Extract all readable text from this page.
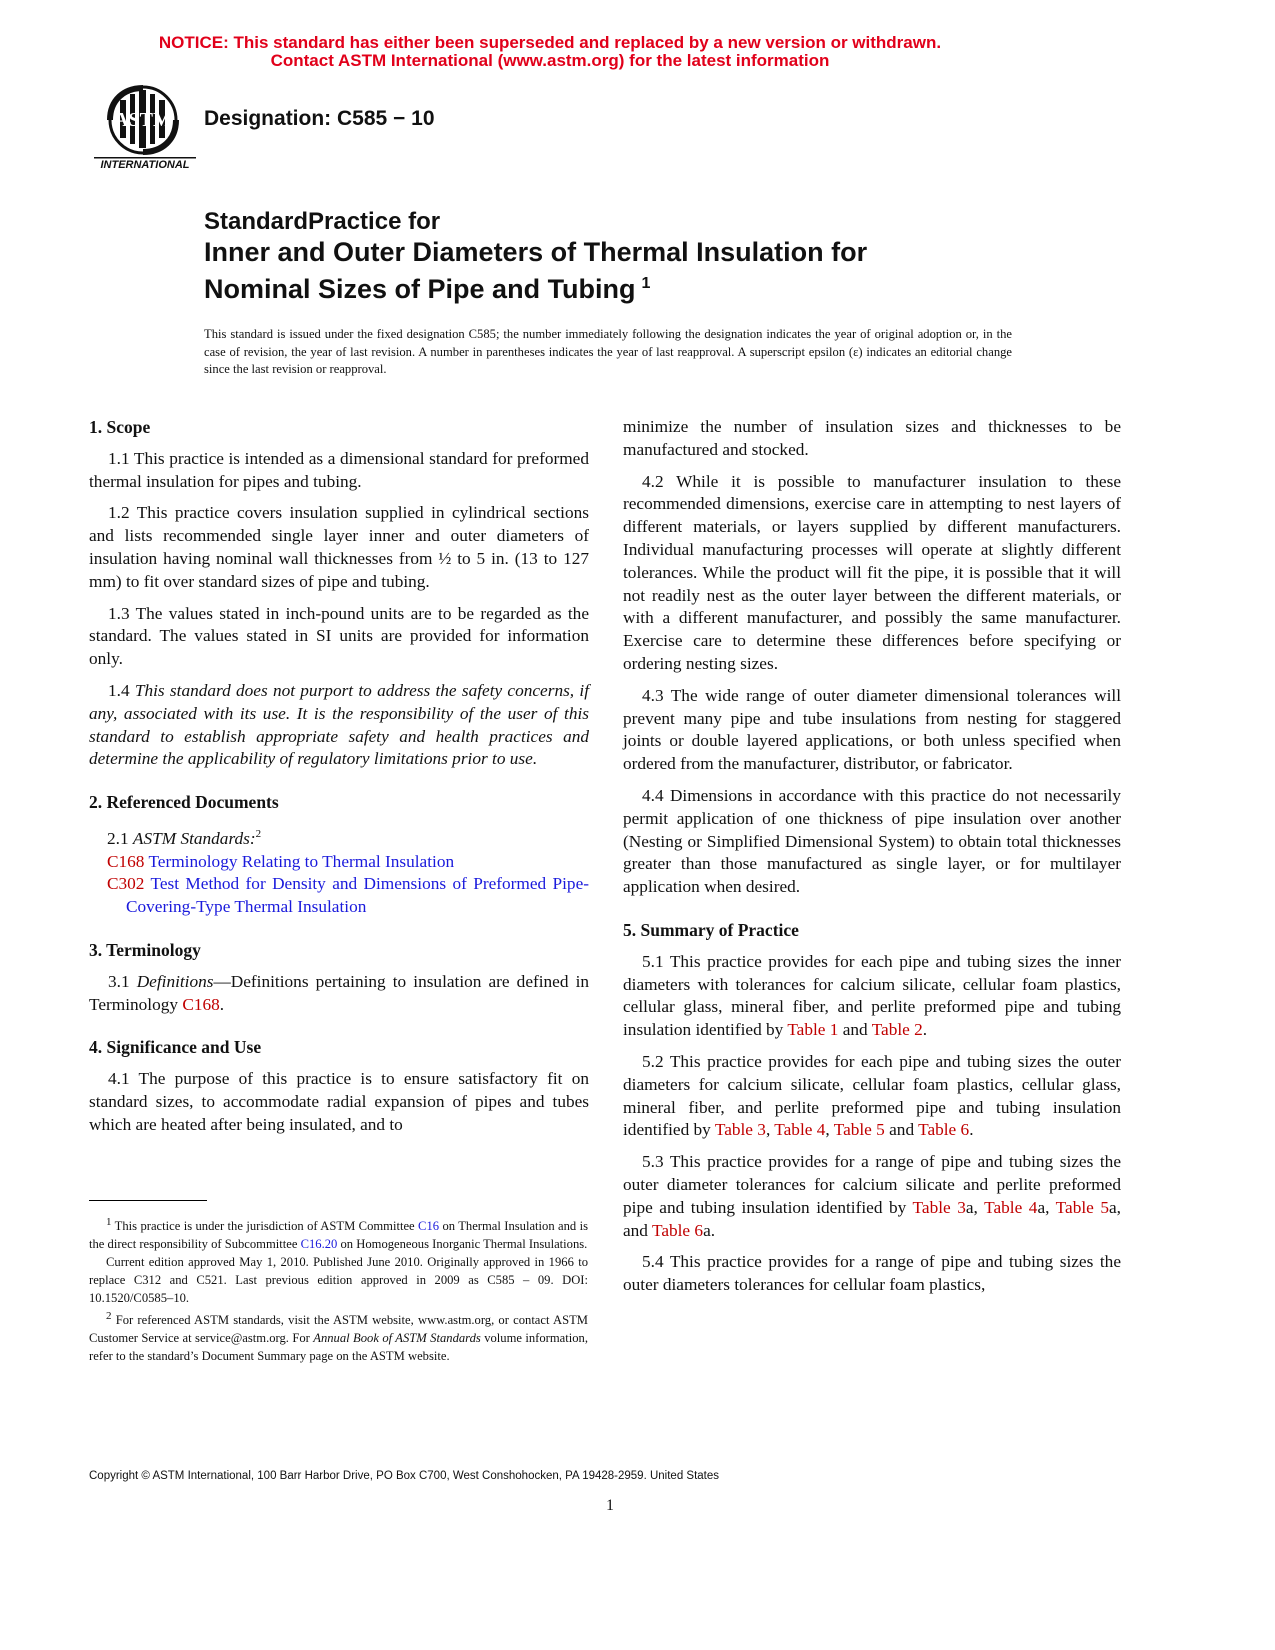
NOTICE: This standard has either been superseded and replaced by a new version or withdrawn.
Contact ASTM International (www.astm.org) for the latest information
ASTM
INTERNATIONAL
Designation: C585 − 10
StandardPractice for
Inner and Outer Diameters of Thermal Insulation for
Nominal Sizes of Pipe and Tubing $^1$
This standard is issued under the fixed designation C585; the number immediately following the designation indicates the year of original adoption or, in the case of revision, the year of last revision. A number in parentheses indicates the year of last reapproval. A superscript epsilon (ε) indicates an editorial change since the last revision or reapproval.
1. Scope

1.1 This practice is intended as a dimensional standard for preformed thermal insulation for pipes and tubing.

1.2 This practice covers insulation supplied in cylindrical sections and lists recommended single layer inner and outer diameters of insulation having nominal wall thicknesses from ½ to 5 in. (13 to 127 mm) to fit over standard sizes of pipe and tubing.

1.3 The values stated in inch-pound units are to be regarded as the standard. The values stated in SI units are provided for information only.

1.4 This standard does not purport to address the safety concerns, if any, associated with its use. It is the responsibility of the user of this standard to establish appropriate safety and health practices and determine the applicability of regulatory limitations prior to use.

2. Referenced Documents

2.1 ASTM Standards:$^2$

C168 Terminology Relating to Thermal Insulation

C302 Test Method for Density and Dimensions of Preformed Pipe-Covering-Type Thermal Insulation

3. Terminology

3.1 Definitions—Definitions pertaining to insulation are defined in Terminology C168.

4. Significance and Use

4.1 The purpose of this practice is to ensure satisfactory fit on standard sizes, to accommodate radial expansion of pipes and tubes which are heated after being insulated, and to

$^1$ This practice is under the jurisdiction of ASTM Committee C16 on Thermal Insulation and is the direct responsibility of Subcommittee C16.20 on Homogeneous Inorganic Thermal Insulations.

Current edition approved May 1, 2010. Published June 2010. Originally approved in 1966 to replace C312 and C521. Last previous edition approved in 2009 as C585 – 09. DOI: 10.1520/C0585–10.

$^2$ For referenced ASTM standards, visit the ASTM website, www.astm.org, or contact ASTM Customer Service at service@astm.org. For Annual Book of ASTM Standards volume information, refer to the standard’s Document Summary page on the ASTM website.

minimize the number of insulation sizes and thicknesses to be manufactured and stocked.

4.2 While it is possible to manufacturer insulation to these recommended dimensions, exercise care in attempting to nest layers of different materials, or layers supplied by different manufacturers. Individual manufacturing processes will operate at slightly different tolerances. While the product will fit the pipe, it is possible that it will not readily nest as the outer layer between the different materials, or with a different manufacturer, and possibly the same manufacturer. Exercise care to determine these differences before specifying or ordering nesting sizes.

4.3 The wide range of outer diameter dimensional tolerances will prevent many pipe and tube insulations from nesting for staggered joints or double layered applications, or both unless specified when ordered from the manufacturer, distributor, or fabricator.

4.4 Dimensions in accordance with this practice do not necessarily permit application of one thickness of pipe insulation over another (Nesting or Simplified Dimensional System) to obtain total thicknesses greater than those manufactured as single layer, or for multilayer application when desired.

5. Summary of Practice

5.1 This practice provides for each pipe and tubing sizes the inner diameters with tolerances for calcium silicate, cellular foam plastics, cellular glass, mineral fiber, and perlite preformed pipe and tubing insulation identified by Table 1 and Table 2.

5.2 This practice provides for each pipe and tubing sizes the outer diameters for calcium silicate, cellular foam plastics, cellular glass, mineral fiber, and perlite preformed pipe and tubing insulation identified by Table 3, Table 4, Table 5 and Table 6.

5.3 This practice provides for a range of pipe and tubing sizes the outer diameter tolerances for calcium silicate and perlite preformed pipe and tubing insulation identified by Table 3a, Table 4a, Table 5a, and Table 6a.

5.4 This practice provides for a range of pipe and tubing sizes the outer diameters tolerances for cellular foam plastics,

Copyright © ASTM International, 100 Barr Harbor Drive, PO Box C700, West Conshohocken, PA 19428-2959. United States
1
